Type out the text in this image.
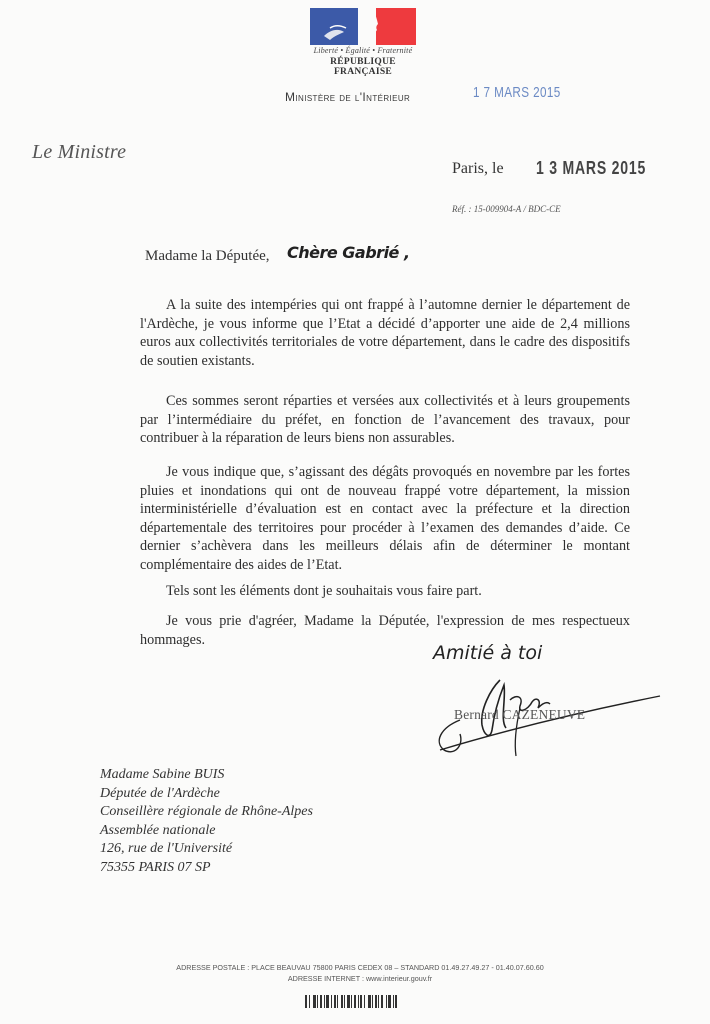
Liberté • Égalité • Fraternité
RÉPUBLIQUE FRANÇAISE
Ministère de l'Intérieur	1 7 MARS 2015
Le Ministre
Paris, le 1 3 MARS 2015
Réf. : 15-009904-A / BDC-CE
Madame la Députée, Chère Gabrié ,

A la suite des intempéries qui ont frappé à l’automne dernier le département de l'Ardèche, je vous informe que l’Etat a décidé d’apporter une aide de 2,4 millions euros aux collectivités territoriales de votre département, dans le cadre des dispositifs de soutien existants.

Ces sommes seront réparties et versées aux collectivités et à leurs groupements par l’intermédiaire du préfet, en fonction de l’avancement des travaux, pour contribuer à la réparation de leurs biens non assurables.

Je vous indique que, s’agissant des dégâts provoqués en novembre par les fortes pluies et inondations qui ont de nouveau frappé votre département, la mission interministérielle d’évaluation est en contact avec la préfecture et la direction départementale des territoires pour procéder à l’examen des demandes d’aide. Ce dernier s’achèvera dans les meilleurs délais afin de déterminer le montant complémentaire des aides de l’Etat.

Tels sont les éléments dont je souhaitais vous faire part.

Je vous prie d'agréer, Madame la Députée, l'expression de mes respectueux hommages.

Amitié à toi
Bernard CAZENEUVE
Madame Sabine BUIS
Députée de l'Ardèche
Conseillère régionale de Rhône-Alpes
Assemblée nationale
126, rue de l'Université
75355 PARIS 07 SP
ADRESSE POSTALE : PLACE BEAUVAU 75800 PARIS CEDEX 08 – STANDARD 01.49.27.49.27 - 01.40.07.60.60
ADRESSE INTERNET : www.interieur.gouv.fr
